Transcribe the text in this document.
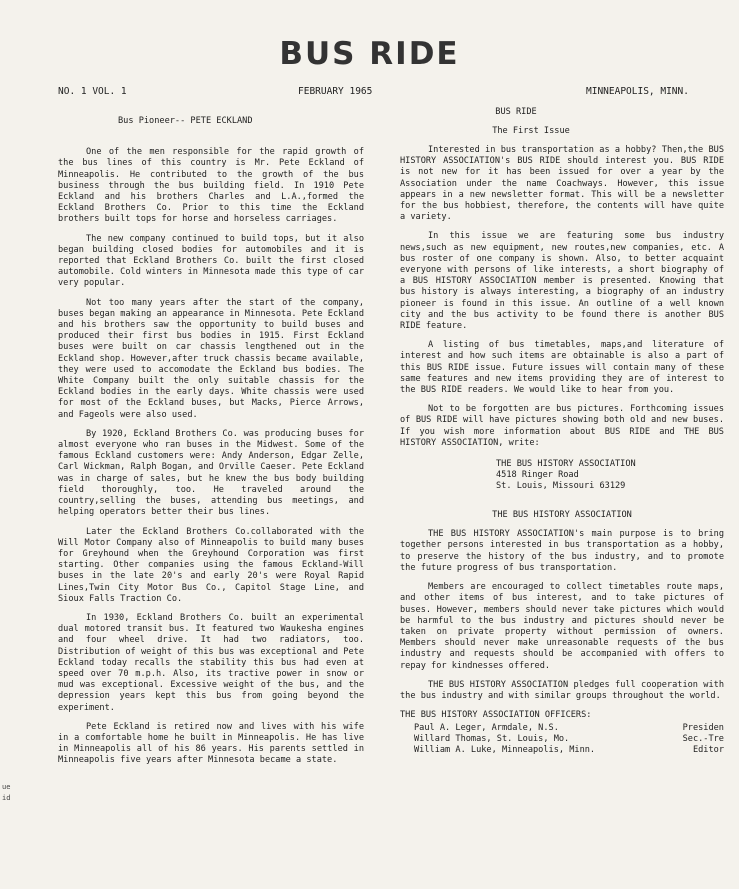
BUS RIDE
NO. 1 VOL. 1	FEBRUARY 1965	MINNEAPOLIS, MINN.

Bus Pioneer-- PETE ECKLAND

One of the men responsible for the rapid growth of the bus lines of this country is Mr. Pete Eckland of Minneapolis. He contributed to the growth of the bus business through the bus building field. In 1910 Pete Eckland and his brothers Charles and L.A.,formed the Eckland Brothers Co. Prior to this time the Eckland brothers built tops for horse and horseless carriages.

The new company continued to build tops, but it also began building closed bodies for automobiles and it is reported that Eckland Brothers Co. built the first closed automobile. Cold winters in Minnesota made this type of car very popular.

Not too many years after the start of the company, buses began making an appearance in Minnesota. Pete Eckland and his brothers saw the opportunity to build buses and produced their first bus bodies in 1915. First Eckland buses were built on car chassis lengthened out in the Eckland shop. However,after truck chassis became available, they were used to accomodate the Eckland bus bodies. The White Company built the only suitable chassis for the Eckland bodies in the early days. White chassis were used for most of the Eckland buses, but Macks, Pierce Arrows, and Fageols were also used.

By 1920, Eckland Brothers Co. was producing buses for almost everyone who ran buses in the Midwest. Some of the famous Eckland customers were: Andy Anderson, Edgar Zelle, Carl Wickman, Ralph Bogan, and Orville Caeser. Pete Eckland was in charge of sales, but he knew the bus body building field thoroughly, too. He traveled around the country,selling the buses, attending bus meetings, and helping operators better their bus lines.

Later the Eckland Brothers Co.collaborated with the Will Motor Company also of Minneapolis to build many buses for Greyhound when the Greyhound Corporation was first starting. Other companies using the famous Eckland-Will buses in the late 20's and early 20's were Royal Rapid Lines,Twin City Motor Bus Co., Capitol Stage Line, and Sioux Falls Traction Co.

In 1930, Eckland Brothers Co. built an experimental dual motored transit bus. It featured two Waukesha engines and four wheel drive. It had two radiators, too. Distribution of weight of this bus was exceptional and Pete Eckland today recalls the stability this bus had even at speed over 70 m.p.h. Also, its tractive power in snow or mud was exceptional. Excessive weight of the bus, and the depression years kept this bus from going beyond the experiment.

Pete Eckland is retired now and lives with his wife in a comfortable home he built in Minneapolis. He has live in Minneapolis all of his 86 years. His parents settled in Minneapolis five years after Minnesota became a state.

BUS RIDE

The First Issue

Interested in bus transportation as a hobby? Then,the BUS HISTORY ASSOCIATION's BUS RIDE should interest you. BUS RIDE is not new for it has been issued for over a year by the Association under the name Coachways. However, this issue appears in a new newsletter format. This will be a newsletter for the bus hobbiest, therefore, the contents will have quite a variety.

In this issue we are featuring some bus industry news,such as new equipment, new routes,new companies, etc. A bus roster of one company is shown. Also, to better acquaint everyone with persons of like interests, a short biography of a BUS HISTORY ASSOCIATION member is presented. Knowing that bus history is always interesting, a biography of an industry pioneer is found in this issue. An outline of a well known city and the bus activity to be found there is another BUS RIDE feature.

A listing of bus timetables, maps,and literature of interest and how such items are obtainable is also a part of this BUS RIDE issue. Future issues will contain many of these same features and new items providing they are of interest to the BUS RIDE readers. We would like to hear from you.

Not to be forgotten are bus pictures. Forthcoming issues of BUS RIDE will have pictures showing both old and new buses. If you wish more information about BUS RIDE and THE BUS HISTORY ASSOCIATION, write:

THE BUS HISTORY ASSOCIATION
4518 Ringer Road
St. Louis, Missouri 63129
THE BUS HISTORY ASSOCIATION

THE BUS HISTORY ASSOCIATION's main purpose is to bring together persons interested in bus transportation as a hobby, to preserve the history of the bus industry, and to promote the future progress of bus transportation.

Members are encouraged to collect timetables route maps, and other items of bus interest, and to take pictures of buses. However, members should never take pictures which would be harmful to the bus industry and pictures should never be taken on private property without permission of owners. Members should never make unreasonable requests of the bus industry and requests should be accompanied with offers to repay for kindnesses offered.

THE BUS HISTORY ASSOCIATION pledges full cooperation with the bus industry and with similar groups throughout the world.

THE BUS HISTORY ASSOCIATION OFFICERS:
Paul A. Leger, Armdale, N.S.	Presiden
Willard Thomas, St. Louis, Mo.	Sec.-Tre
William A. Luke, Minneapolis, Minn.	Editor
ue
id
